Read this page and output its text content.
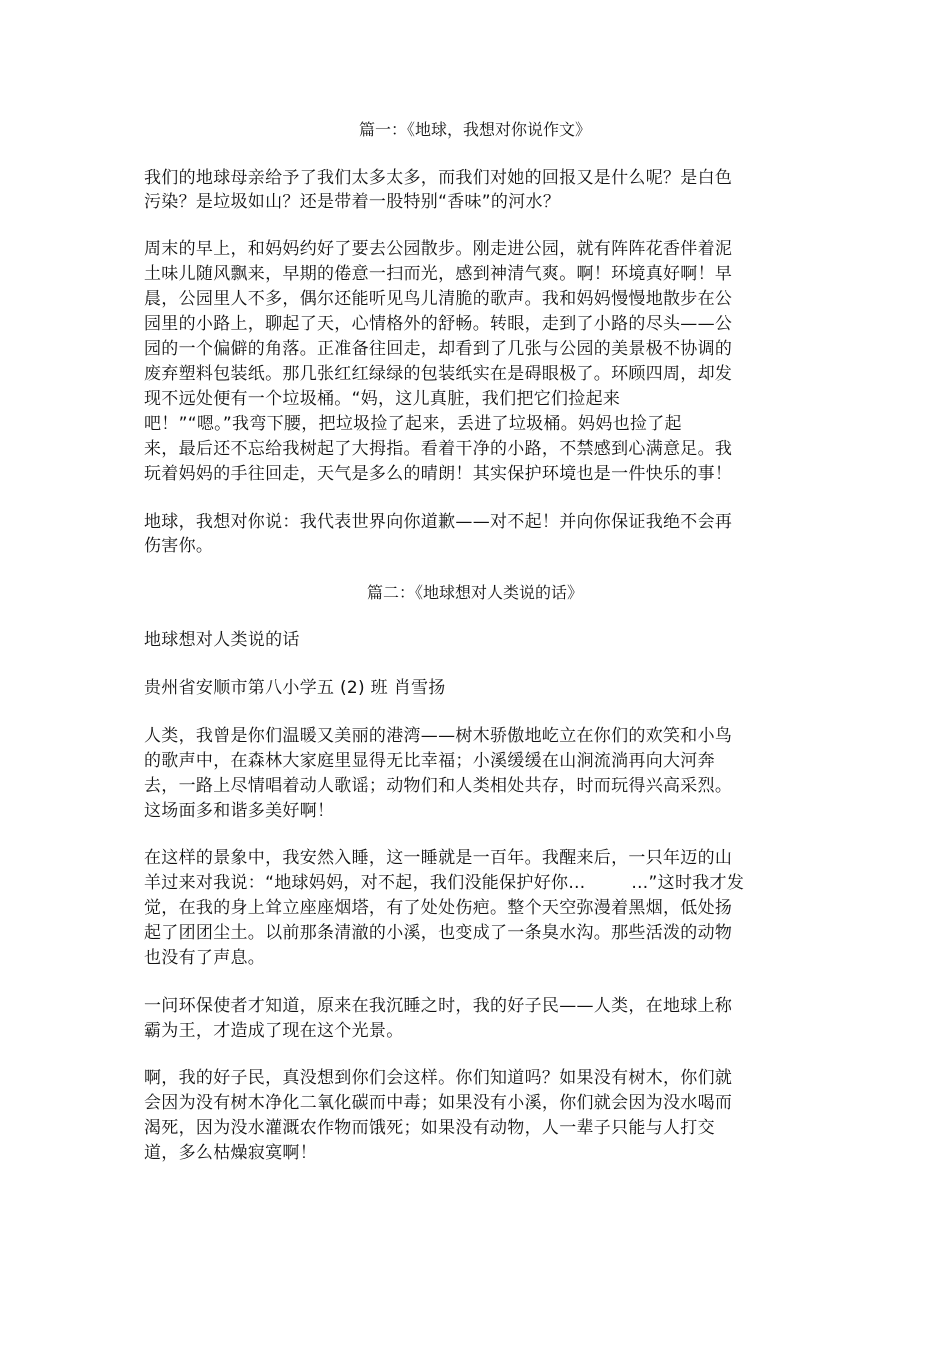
篇一：《地球，我想对你说作文》
我们的地球母亲给予了我们太多太多，而我们对她的回报又是什么呢？是白色
污染？是垃圾如山？还是带着一股特别“香味”的河水？
周末的早上，和妈妈约好了要去公园散步。刚走进公园，就有阵阵花香伴着泥
土味儿随风飘来，早期的倦意一扫而光，感到神清气爽。啊！环境真好啊！早
晨，公园里人不多，偶尔还能听见鸟儿清脆的歌声。我和妈妈慢慢地散步在公
园里的小路上，聊起了天，心情格外的舒畅。转眼，走到了小路的尽头——公
园的一个偏僻的角落。正准备往回走，却看到了几张与公园的美景极不协调的
废弃塑料包装纸。那几张红红绿绿的包装纸实在是碍眼极了。环顾四周，却发
现不远处便有一个垃圾桶。“妈，这儿真脏，我们把它们捡起来
吧！”“嗯。”我弯下腰，把垃圾捡了起来，丢进了垃圾桶。妈妈也捡了起
来，最后还不忘给我树起了大拇指。看着干净的小路，不禁感到心满意足。我
玩着妈妈的手往回走，天气是多么的晴朗！其实保护环境也是一件快乐的事！
地球，我想对你说：我代表世界向你道歉——对不起！并向你保证我绝不会再
伤害你。
篇二：《地球想对人类说的话》
地球想对人类说的话
贵州省安顺市第八小学五 (2) 班 肖雪扬
人类，我曾是你们温暖又美丽的港湾——树木骄傲地屹立在你们的欢笑和小鸟
的歌声中，在森林大家庭里显得无比幸福；小溪缓缓在山涧流淌再向大河奔
去，一路上尽情唱着动人歌谣；动物们和人类相处共存，时而玩得兴高采烈。
这场面多和谐多美好啊！
在这样的景象中，我安然入睡，这一睡就是一百年。我醒来后，一只年迈的山
羊过来对我说：“地球妈妈，对不起，我们没能保护好你…        …”这时我才发
觉，在我的身上耸立座座烟塔，有了处处伤疤。整个天空弥漫着黑烟，低处扬
起了团团尘土。以前那条清澈的小溪，也变成了一条臭水沟。那些活泼的动物
也没有了声息。
一问环保使者才知道，原来在我沉睡之时，我的好子民——人类，在地球上称
霸为王，才造成了现在这个光景。
啊，我的好子民，真没想到你们会这样。你们知道吗？如果没有树木，你们就
会因为没有树木净化二氧化碳而中毒；如果没有小溪，你们就会因为没水喝而
渴死，因为没水灌溉农作物而饿死；如果没有动物，人一辈子只能与人打交
道，多么枯燥寂寞啊！
